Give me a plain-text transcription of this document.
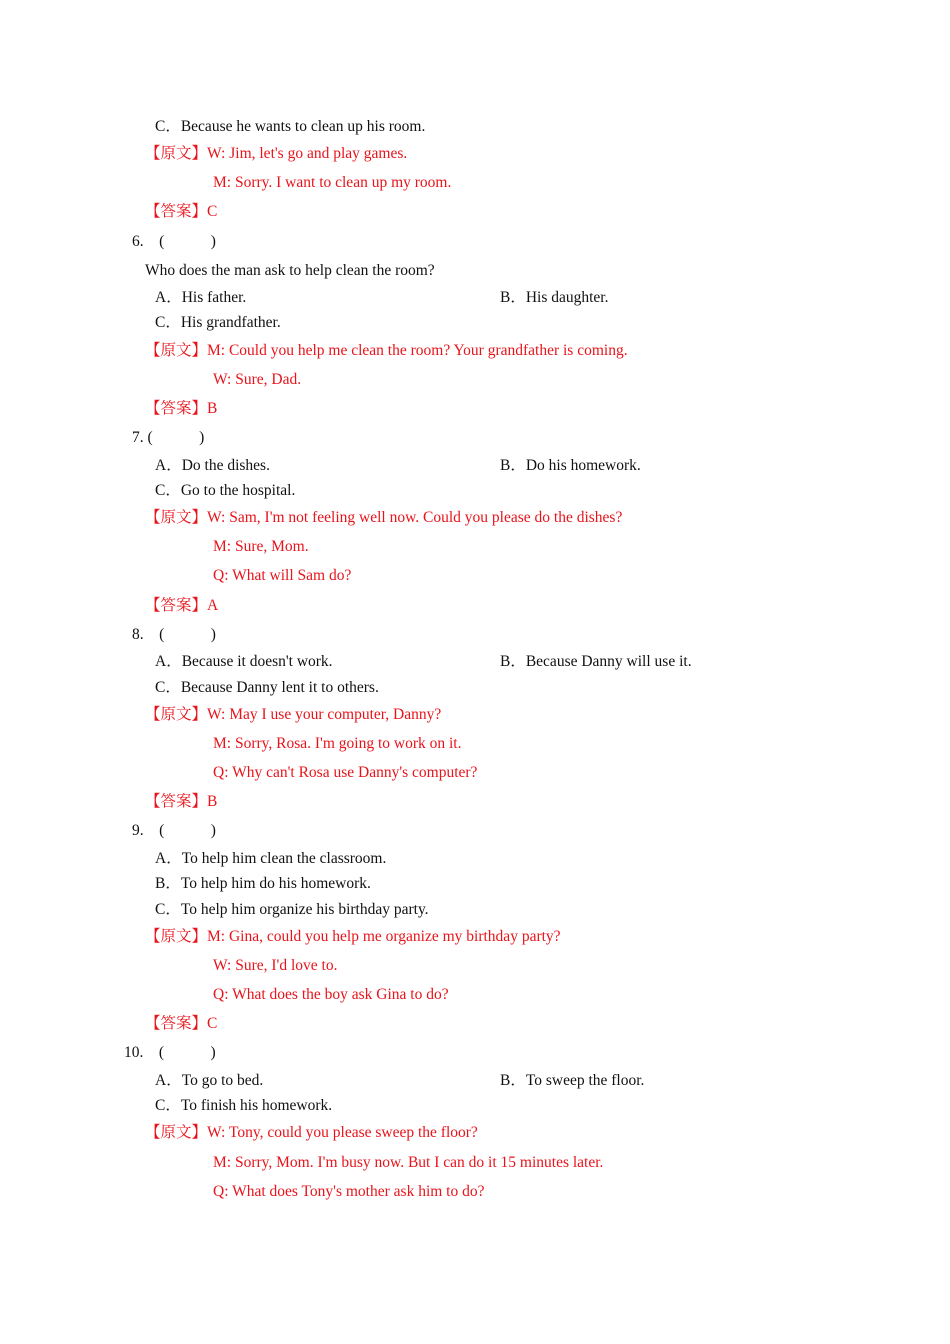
C．Because he wants to clean up his room.
【原文】W: Jim, let's go and play games.
M: Sorry. I want to clean up my room.
【答案】C
6.　(　　　)
Who does the man ask to help clean the room?
A．His father.	B．His daughter.
C．His grandfather.
【原文】M: Could you help me clean the room? Your grandfather is coming.
W: Sure, Dad.
【答案】B
7. (　　　)
A．Do the dishes.	B．Do his homework.
C．Go to the hospital.
【原文】W: Sam, I'm not feeling well now. Could you please do the dishes?
M: Sure, Mom.
Q: What will Sam do?
【答案】A
8.　(　　　)
A．Because it doesn't work.	B．Because Danny will use it.
C．Because Danny lent it to others.
【原文】W: May I use your computer, Danny?
M: Sorry, Rosa. I'm going to work on it.
Q: Why can't Rosa use Danny's computer?
【答案】B
9.　(　　　)
A．To help him clean the classroom.
B．To help him do his homework.
C．To help him organize his birthday party.
【原文】M: Gina, could you help me organize my birthday party?
W: Sure, I'd love to.
Q: What does the boy ask Gina to do?
【答案】C
10.　(　　　)
A．To go to bed.	B．To sweep the floor.
C．To finish his homework.
【原文】W: Tony, could you please sweep the floor?
M: Sorry, Mom. I'm busy now. But I can do it 15 minutes later.
Q: What does Tony's mother ask him to do?
